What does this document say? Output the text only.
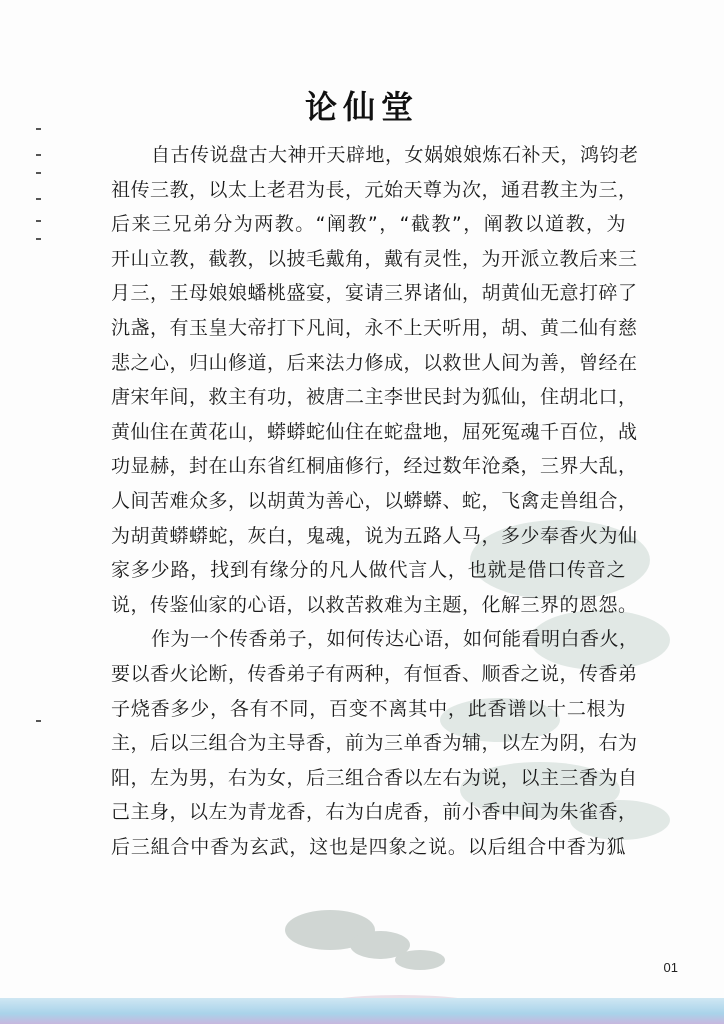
论仙堂
自古传说盘古大神开天辟地，女娲娘娘炼石补天，鸿钧老
祖传三教，以太上老君为長，元始天尊为次，通君教主为三，
后来三兄弟分为两教。“阐教”，“截教”，阐教以道教，为
开山立教，截教，以披毛戴角，戴有灵性，为开派立教后来三
月三，王母娘娘蟠桃盛宴，宴请三界诸仙，胡黄仙无意打碎了
氿盏，有玉皇大帝打下凡间，永不上天听用，胡、黄二仙有慈
悲之心，归山修道，后来法力修成，以救世人间为善，曾经在
唐宋年间，救主有功，被唐二主李世民封为狐仙，住胡北口，
黄仙住在黄花山，蟒蟒蛇仙住在蛇盘地，屈死冤魂千百位，战
功显赫，封在山东省红桐庙修行，经过数年沧桑，三界大乱，
人间苦难众多，以胡黄为善心，以蟒蟒、蛇，飞禽走兽组合，
为胡黄蟒蟒蛇，灰白，鬼魂，说为五路人马，多少奉香火为仙
家多少路，找到有缘分的凡人做代言人，也就是借口传音之
说，传鉴仙家的心语，以救苦救难为主题，化解三界的恩怨。
作为一个传香弟子，如何传达心语，如何能看明白香火，
要以香火论断，传香弟子有两种，有恒香、顺香之说，传香弟
子烧香多少，各有不同，百变不离其中，此香谱以十二根为
主，后以三组合为主导香，前为三单香为辅，以左为阴，右为
阳，左为男，右为女，后三组合香以左右为说，以主三香为自
己主身，以左为青龙香，右为白虎香，前小香中间为朱雀香，
后三組合中香为玄武，这也是四象之说。以后组合中香为狐
01
